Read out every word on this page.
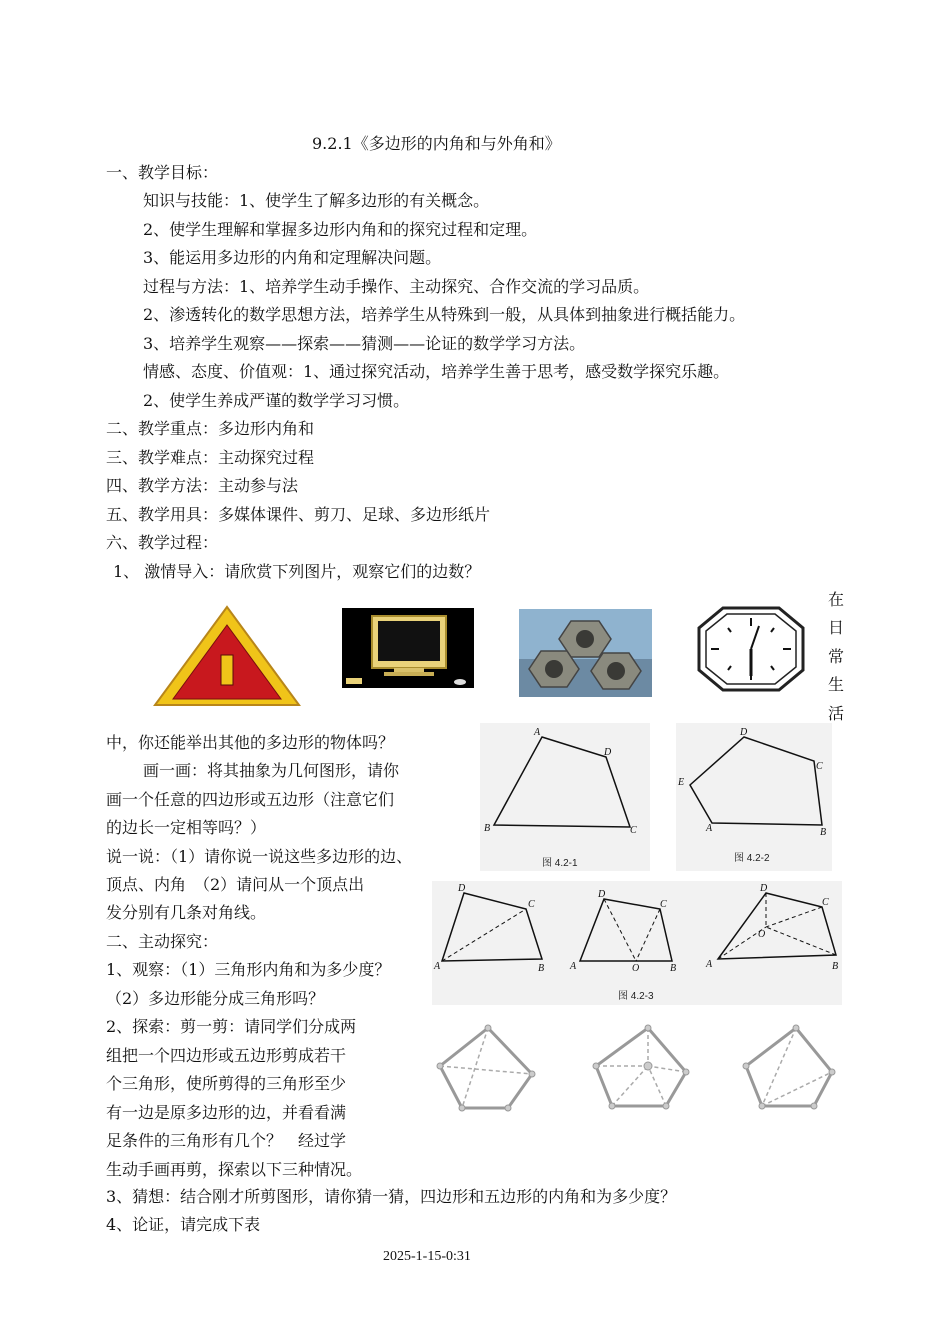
9.2.1《多边形的内角和与外角和》
一、教学目标：
知识与技能：1、使学生了解多边形的有关概念。
2、使学生理解和掌握多边形内角和的探究过程和定理。
3、能运用多边形的内角和定理解决问题。
过程与方法：1、培养学生动手操作、主动探究、合作交流的学习品质。
2、渗透转化的数学思想方法，培养学生从特殊到一般，从具体到抽象进行概括能力。
3、培养学生观察——探索——猜测——论证的数学学习方法。
情感、态度、价值观：1、通过探究活动，培养学生善于思考，感受数学探究乐趣。
2、使学生养成严谨的数学学习习惯。
二、教学重点：多边形内角和
三、教学难点：主动探究过程
四、教学方法：主动参与法
五、教学用具：多媒体课件、剪刀、足球、多边形纸片
六、教学过程：
1、 激情导入：请欣赏下列图片，观察它们的边数？
在
日
常
生
活
中，你还能举出其他的多边形的物体吗？
画一画：将其抽象为几何图形，请你
画一个任意的四边形或五边形（注意它们
的边长一定相等吗？）
说一说：（1）请你说一说这些多边形的边、
顶点、内角　（2）请问从一个顶点出
发分别有几条对角线。
二、主动探究：
1、观察：（1）三角形内角和为多少度？
（2）多边形能分成三角形吗？
2、探索：剪一剪：请同学们分成两
组把一个四边形或五边形剪成若干
个三角形，使所剪得的三角形至少
有一边是原多边形的边，并看看满
足条件的三角形有几个？　经过学
生动手画再剪，探索以下三种情况。
A
D
B	C
图 4.2-1
D
C
E
A	B
图 4.2-2
D
C
A	B
D
C
A	O	B
D
C
O
A	B
图 4.2-3
3、猜想：结合刚才所剪图形，请你猜一猜，四边形和五边形的内角和为多少度？
4、论证，请完成下表
2025-1-15-0:31
